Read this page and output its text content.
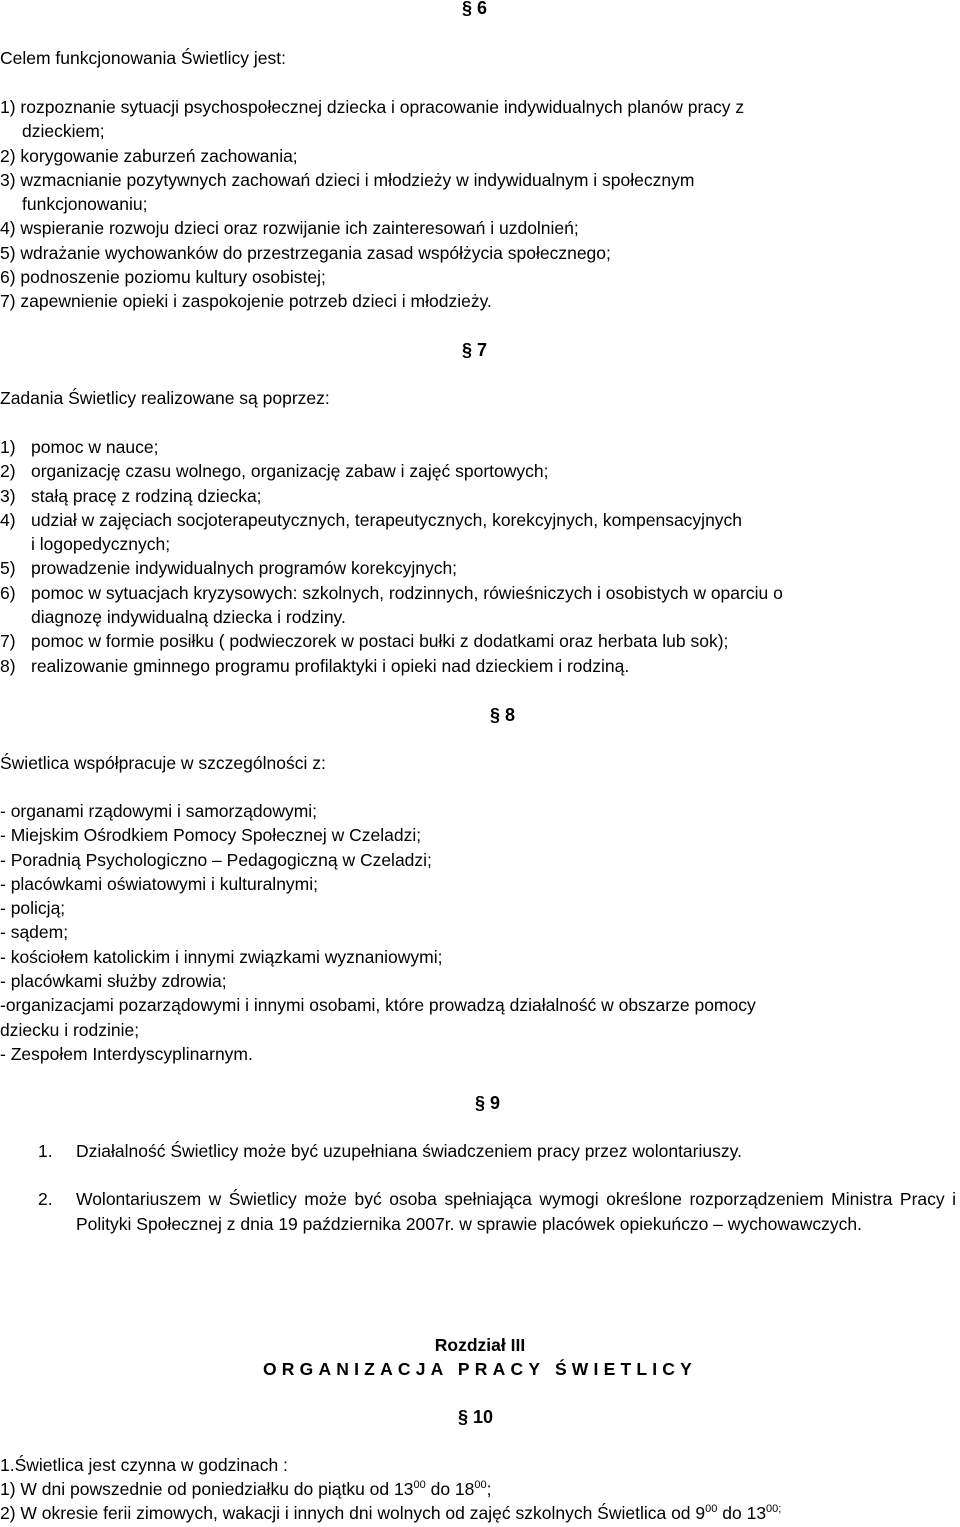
§ 6
Celem funkcjonowania Świetlicy jest:
1) rozpoznanie sytuacji psychospołecznej dziecka i opracowanie indywidualnych planów pracy z
dzieckiem;
2) korygowanie zaburzeń zachowania;
3) wzmacnianie pozytywnych zachowań dzieci i młodzieży w indywidualnym i społecznym
funkcjonowaniu;
4) wspieranie rozwoju dzieci oraz rozwijanie ich zainteresowań i uzdolnień;
5) wdrażanie wychowanków do przestrzegania zasad współżycia społecznego;
6) podnoszenie poziomu kultury osobistej;
7) zapewnienie opieki i zaspokojenie potrzeb dzieci i młodzieży.
§ 7
Zadania Świetlicy realizowane są poprzez:
1) pomoc w nauce;
2) organizację czasu wolnego, organizację zabaw i zajęć sportowych;
3) stałą pracę z rodziną dziecka;
4) udział w zajęciach socjoterapeutycznych, terapeutycznych, korekcyjnych, kompensacyjnych
i logopedycznych;
5) prowadzenie indywidualnych programów korekcyjnych;
6) pomoc w sytuacjach kryzysowych: szkolnych, rodzinnych, rówieśniczych i osobistych w oparciu o
diagnozę indywidualną dziecka i rodziny.
7) pomoc w formie posiłku ( podwieczorek w postaci bułki z dodatkami oraz herbata lub sok);
8) realizowanie gminnego programu profilaktyki i opieki nad dzieckiem i rodziną.
§ 8
Świetlica współpracuje w szczególności z:
- organami rządowymi i samorządowymi;
- Miejskim Ośrodkiem Pomocy Społecznej w Czeladzi;
- Poradnią Psychologiczno – Pedagogiczną w Czeladzi;
- placówkami oświatowymi i kulturalnymi;
- policją;
- sądem;
- kościołem katolickim i innymi związkami wyznaniowymi;
- placówkami służby zdrowia;
-organizacjami pozarządowymi i innymi osobami, które prowadzą działalność w obszarze pomocy
dziecku i rodzinie;
- Zespołem Interdyscyplinarnym.
§ 9
1. Działalność Świetlicy może być uzupełniana świadczeniem pracy przez wolontariuszy.
2. Wolontariuszem w Świetlicy może być osoba spełniająca wymogi określone rozporządzeniem Ministra Pracy i Polityki Społecznej z dnia 19 października 2007r. w sprawie placówek opiekuńczo – wychowawczych.
Rozdział III
ORGANIZACJA PRACY ŚWIETLICY
§ 10
1.Świetlica jest czynna w godzinach :
1) W dni powszednie od poniedziałku do piątku od $13^{00}$ do $18^{00}$;
2) W okresie ferii zimowych, wakacji i innych dni wolnych od zajęć szkolnych Świetlica od $9^{00}$ do $13^{00;}$
